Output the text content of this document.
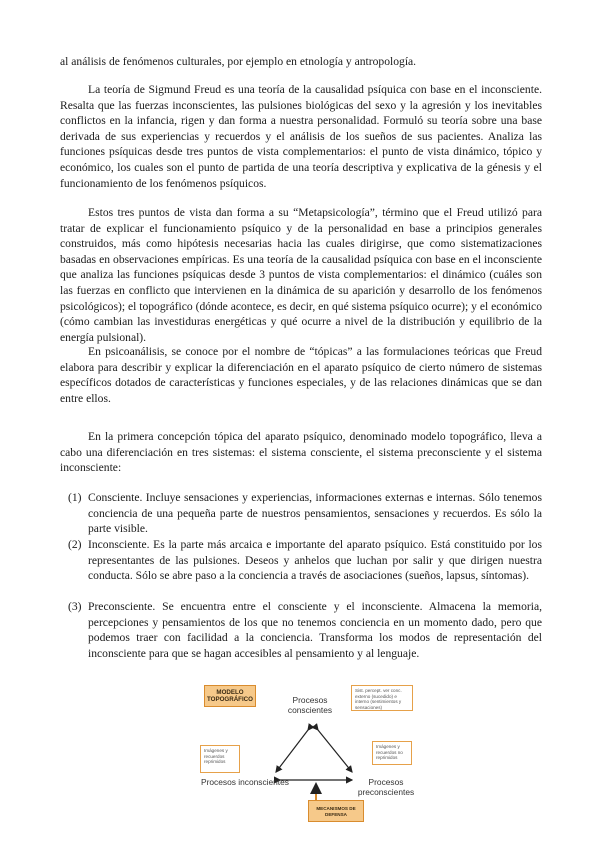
al análisis de fenómenos culturales, por ejemplo en etnología y antropología.

La teoría de Sigmund Freud es una teoría de la causalidad psíquica con base en el inconsciente. Resalta que las fuerzas inconscientes, las pulsiones biológicas del sexo y la agresión y los inevitables conflictos en la infancia, rigen y dan forma a nuestra personalidad. Formuló su teoría sobre una base derivada de sus experiencias y recuerdos y el análisis de los sueños de sus pacientes. Analiza las funciones psíquicas desde tres puntos de vista complementarios: el punto de vista dinámico, tópico y económico, los cuales son el punto de partida de una teoría descriptiva y explicativa de la génesis y el funcionamiento de los fenómenos psíquicos.

Estos tres puntos de vista dan forma a su “Metapsicología”, término que el Freud utilizó para tratar de explicar el funcionamiento psíquico y de la personalidad en base a principios generales construidos, más como hipótesis necesarias hacia las cuales dirigirse, que como sistematizaciones basadas en observaciones empíricas. Es una teoría de la causalidad psíquica con base en el inconsciente que analiza las funciones psíquicas desde 3 puntos de vista complementarios: el dinámico (cuáles son las fuerzas en conflicto que intervienen en la dinámica de su aparición y desarrollo de los fenómenos psicológicos); el topográfico (dónde acontece, es decir, en qué sistema psíquico ocurre); y el económico (cómo cambian las investiduras energéticas y qué ocurre a nivel de la distribución y equilibrio de la energía pulsional).

En psicoanálisis, se conoce por el nombre de “tópicas” a las formulaciones teóricas que Freud elabora para describir y explicar la diferenciación en el aparato psíquico de cierto número de sistemas específicos dotados de características y funciones especiales, y de las relaciones dinámicas que se dan entre ellos.

En la primera concepción tópica del aparato psíquico, denominado modelo topográfico, lleva a cabo una diferenciación en tres sistemas: el sistema consciente, el sistema preconsciente y el sistema inconsciente:

(1) Consciente. Incluye sensaciones y experiencias, informaciones externas e internas. Sólo tenemos conciencia de una pequeña parte de nuestros pensamientos, sensaciones y recuerdos. Es sólo la parte visible.

(2) Inconsciente. Es la parte más arcaica e importante del aparato psíquico. Está constituido por los representantes de las pulsiones. Deseos y anhelos que luchan por salir y que dirigen nuestra conducta. Sólo se abre paso a la conciencia a través de asociaciones (sueños, lapsus, síntomas).

(3) Preconsciente. Se encuentra entre el consciente y el inconsciente. Almacena la memoria, percepciones y pensamientos de los que no tenemos conciencia en un momento dado, pero que podemos traer con facilidad a la conciencia. Transforma los modos de representación del inconsciente para que se hagan accesibles al pensamiento y al lenguaje.

MODELO TOPOGRÁFICO	Procesos conscientes
Sist. percept. ver conc. externo (sucedido) e interno (sentimientos y sensaciones)
Imágenes y recuerdos reprimidos
Imágenes y recuerdos no reprimidos
Procesos inconscientes	Procesos preconscientes
MECANISMOS DE DEFENSA
